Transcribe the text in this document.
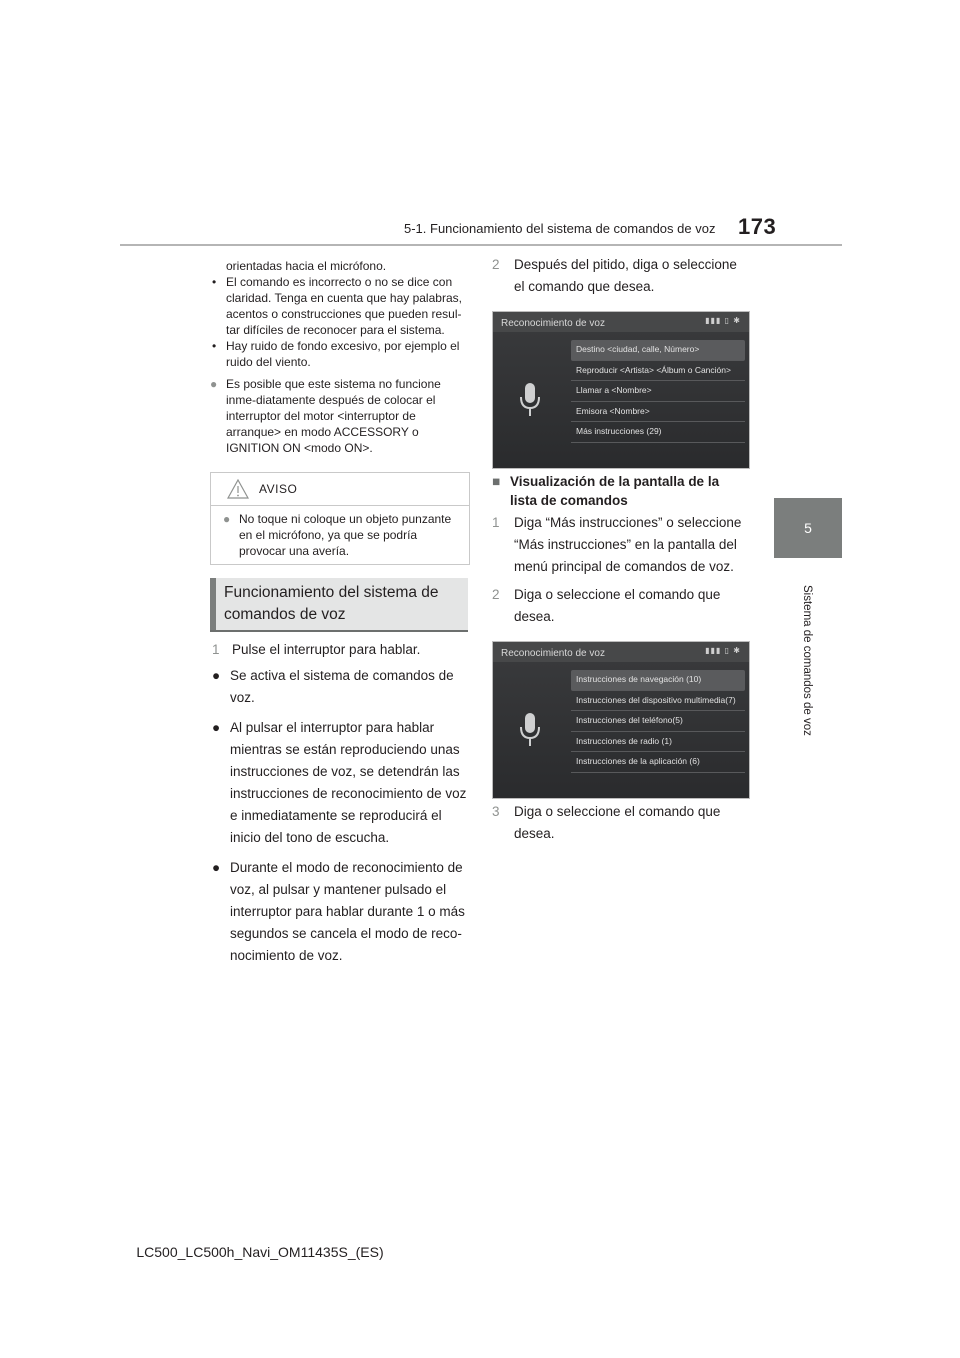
5-1. Funcionamiento del sistema de comandos de voz 173
5
Sistema de comandos de voz
orientadas hacia el micrófono.
• El comando es incorrecto o no se dice con claridad. Tenga en cuenta que hay palabras, acentos o construcciones que pueden resul-tar difíciles de reconocer para el sistema.
• Hay ruido de fondo excesivo, por ejemplo el ruido del viento.
● Es posible que este sistema no funcione inme-diatamente después de colocar el interruptor del motor <interruptor de arranque> en modo ACCESSORY o IGNITION ON <modo ON>.
AVISO
● No toque ni coloque un objeto punzante en el micrófono, ya que se podría provocar una avería.
Funcionamiento del sistema de comandos de voz
1 Pulse el interruptor para hablar.
● Se activa el sistema de comandos de voz.
● Al pulsar el interruptor para hablar mientras se están reproduciendo unas instrucciones de voz, se detendrán las instrucciones de reconocimiento de voz e inmediatamente se reproducirá el inicio del tono de escucha.
● Durante el modo de reconocimiento de voz, al pulsar y mantener pulsado el interruptor para hablar durante 1 o más segundos se cancela el modo de reco-nocimiento de voz.
2	Después del pitido, diga o seleccione el comando que desea.
Reconocimiento de voz	▮▮▮ ▯ ✱
Destino <ciudad, calle, Número>
Reproducir <Artista> <Álbum o Canción>
Llamar a <Nombre>
Emisora <Nombre>
Más instrucciones (29)
■ Visualización de la pantalla de la lista de comandos
1	Diga “Más instrucciones” o seleccione “Más instrucciones” en la pantalla del menú principal de comandos de voz.
2	Diga o seleccione el comando que desea.
Reconocimiento de voz	▮▮▮ ▯ ✱
Instrucciones de navegación (10)
Instrucciones del dispositivo multimedia(7)
Instrucciones del teléfono(5)
Instrucciones de radio (1)
Instrucciones de la aplicación (6)
3	Diga o seleccione el comando que desea.
LC500_LC500h_Navi_OM11435S_(ES)
